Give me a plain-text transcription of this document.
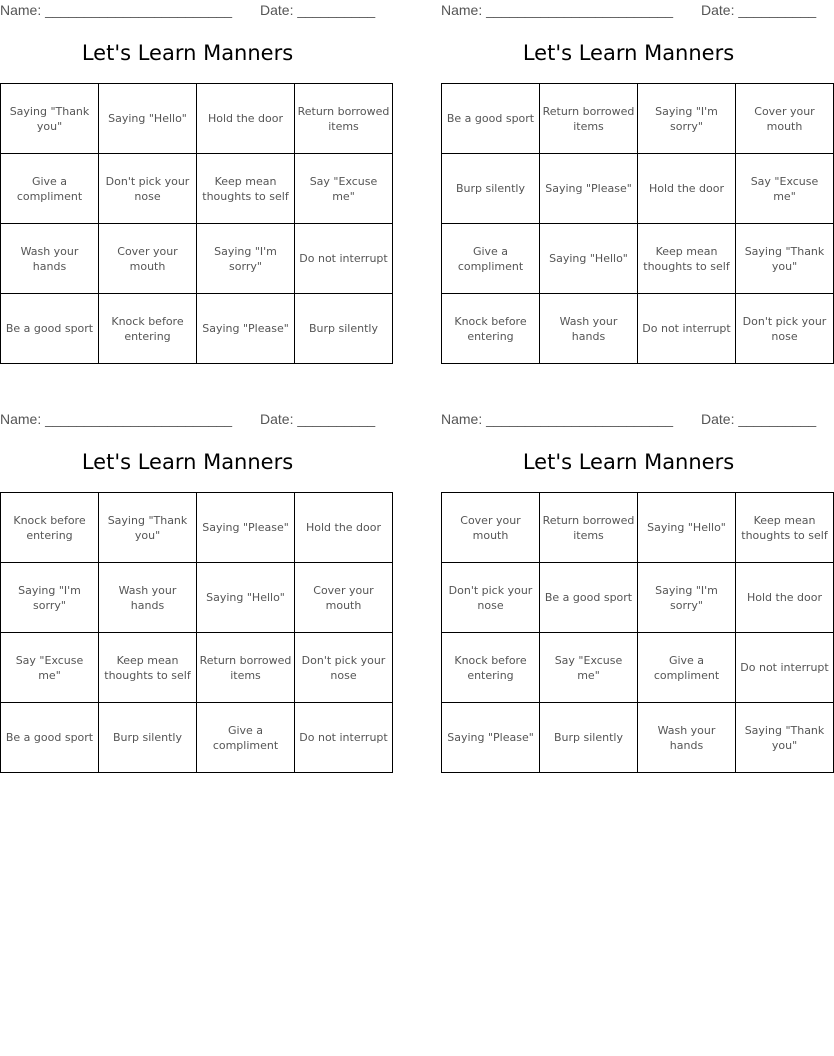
Name: ________________________ Date: __________
Let's Learn Manners
Saying "Thank you"	Saying "Hello"	Hold the door	Return borrowed items
Give a compliment	Don't pick your nose	Keep mean thoughts to self	Say "Excuse me"
Wash your hands	Cover your mouth	Saying "I'm sorry"	Do not interrupt
Be a good sport	Knock before entering	Saying "Please"	Burp silently
Name: ________________________ Date: __________
Let's Learn Manners
Be a good sport	Return borrowed items	Saying "I'm sorry"	Cover your mouth
Burp silently	Saying "Please"	Hold the door	Say "Excuse me"
Give a compliment	Saying "Hello"	Keep mean thoughts to self	Saying "Thank you"
Knock before entering	Wash your hands	Do not interrupt	Don't pick your nose
Name: ________________________ Date: __________
Let's Learn Manners
Knock before entering	Saying "Thank you"	Saying "Please"	Hold the door
Saying "I'm sorry"	Wash your hands	Saying "Hello"	Cover your mouth
Say "Excuse me"	Keep mean thoughts to self	Return borrowed items	Don't pick your nose
Be a good sport	Burp silently	Give a compliment	Do not interrupt
Name: ________________________ Date: __________
Let's Learn Manners
Cover your mouth	Return borrowed items	Saying "Hello"	Keep mean thoughts to self
Don't pick your nose	Be a good sport	Saying "I'm sorry"	Hold the door
Knock before entering	Say "Excuse me"	Give a compliment	Do not interrupt
Saying "Please"	Burp silently	Wash your hands	Saying "Thank you"
